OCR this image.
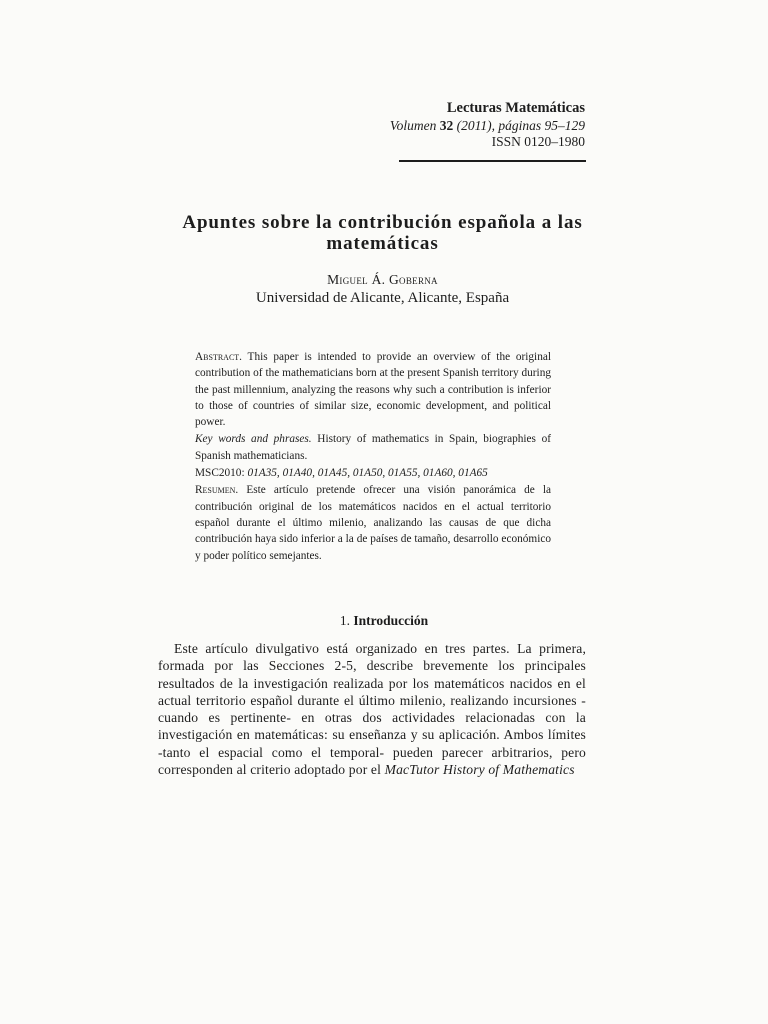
Lecturas Matemáticas
Volumen 32 (2011), páginas 95–129
ISSN 0120–1980
Apuntes sobre la contribución española a las matemáticas
Miguel Á. Goberna
Universidad de Alicante, Alicante, España

Abstract. This paper is intended to provide an overview of the original contribution of the mathematicians born at the present Spanish territory during the past millennium, analyzing the reasons why such a contribution is inferior to those of countries of similar size, economic development, and political power.

Key words and phrases. History of mathematics in Spain, biographies of Spanish mathematicians.

MSC2010: 01A35, 01A40, 01A45, 01A50, 01A55, 01A60, 01A65

Resumen. Este artículo pretende ofrecer una visión panorámica de la contribución original de los matemáticos nacidos en el actual territorio español durante el último milenio, analizando las causas de que dicha contribución haya sido inferior a la de países de tamaño, desarrollo económico y poder político semejantes.

1. Introducción

Este artículo divulgativo está organizado en tres partes. La primera, formada por las Secciones 2-5, describe brevemente los principales resultados de la investigación realizada por los matemáticos nacidos en el actual territorio español durante el último milenio, realizando incursiones -cuando es pertinente- en otras dos actividades relacionadas con la investigación en matemáticas: su enseñanza y su aplicación. Ambos límites -tanto el espacial como el temporal- pueden parecer arbitrarios, pero corresponden al criterio adoptado por el MacTutor History of Mathematics
